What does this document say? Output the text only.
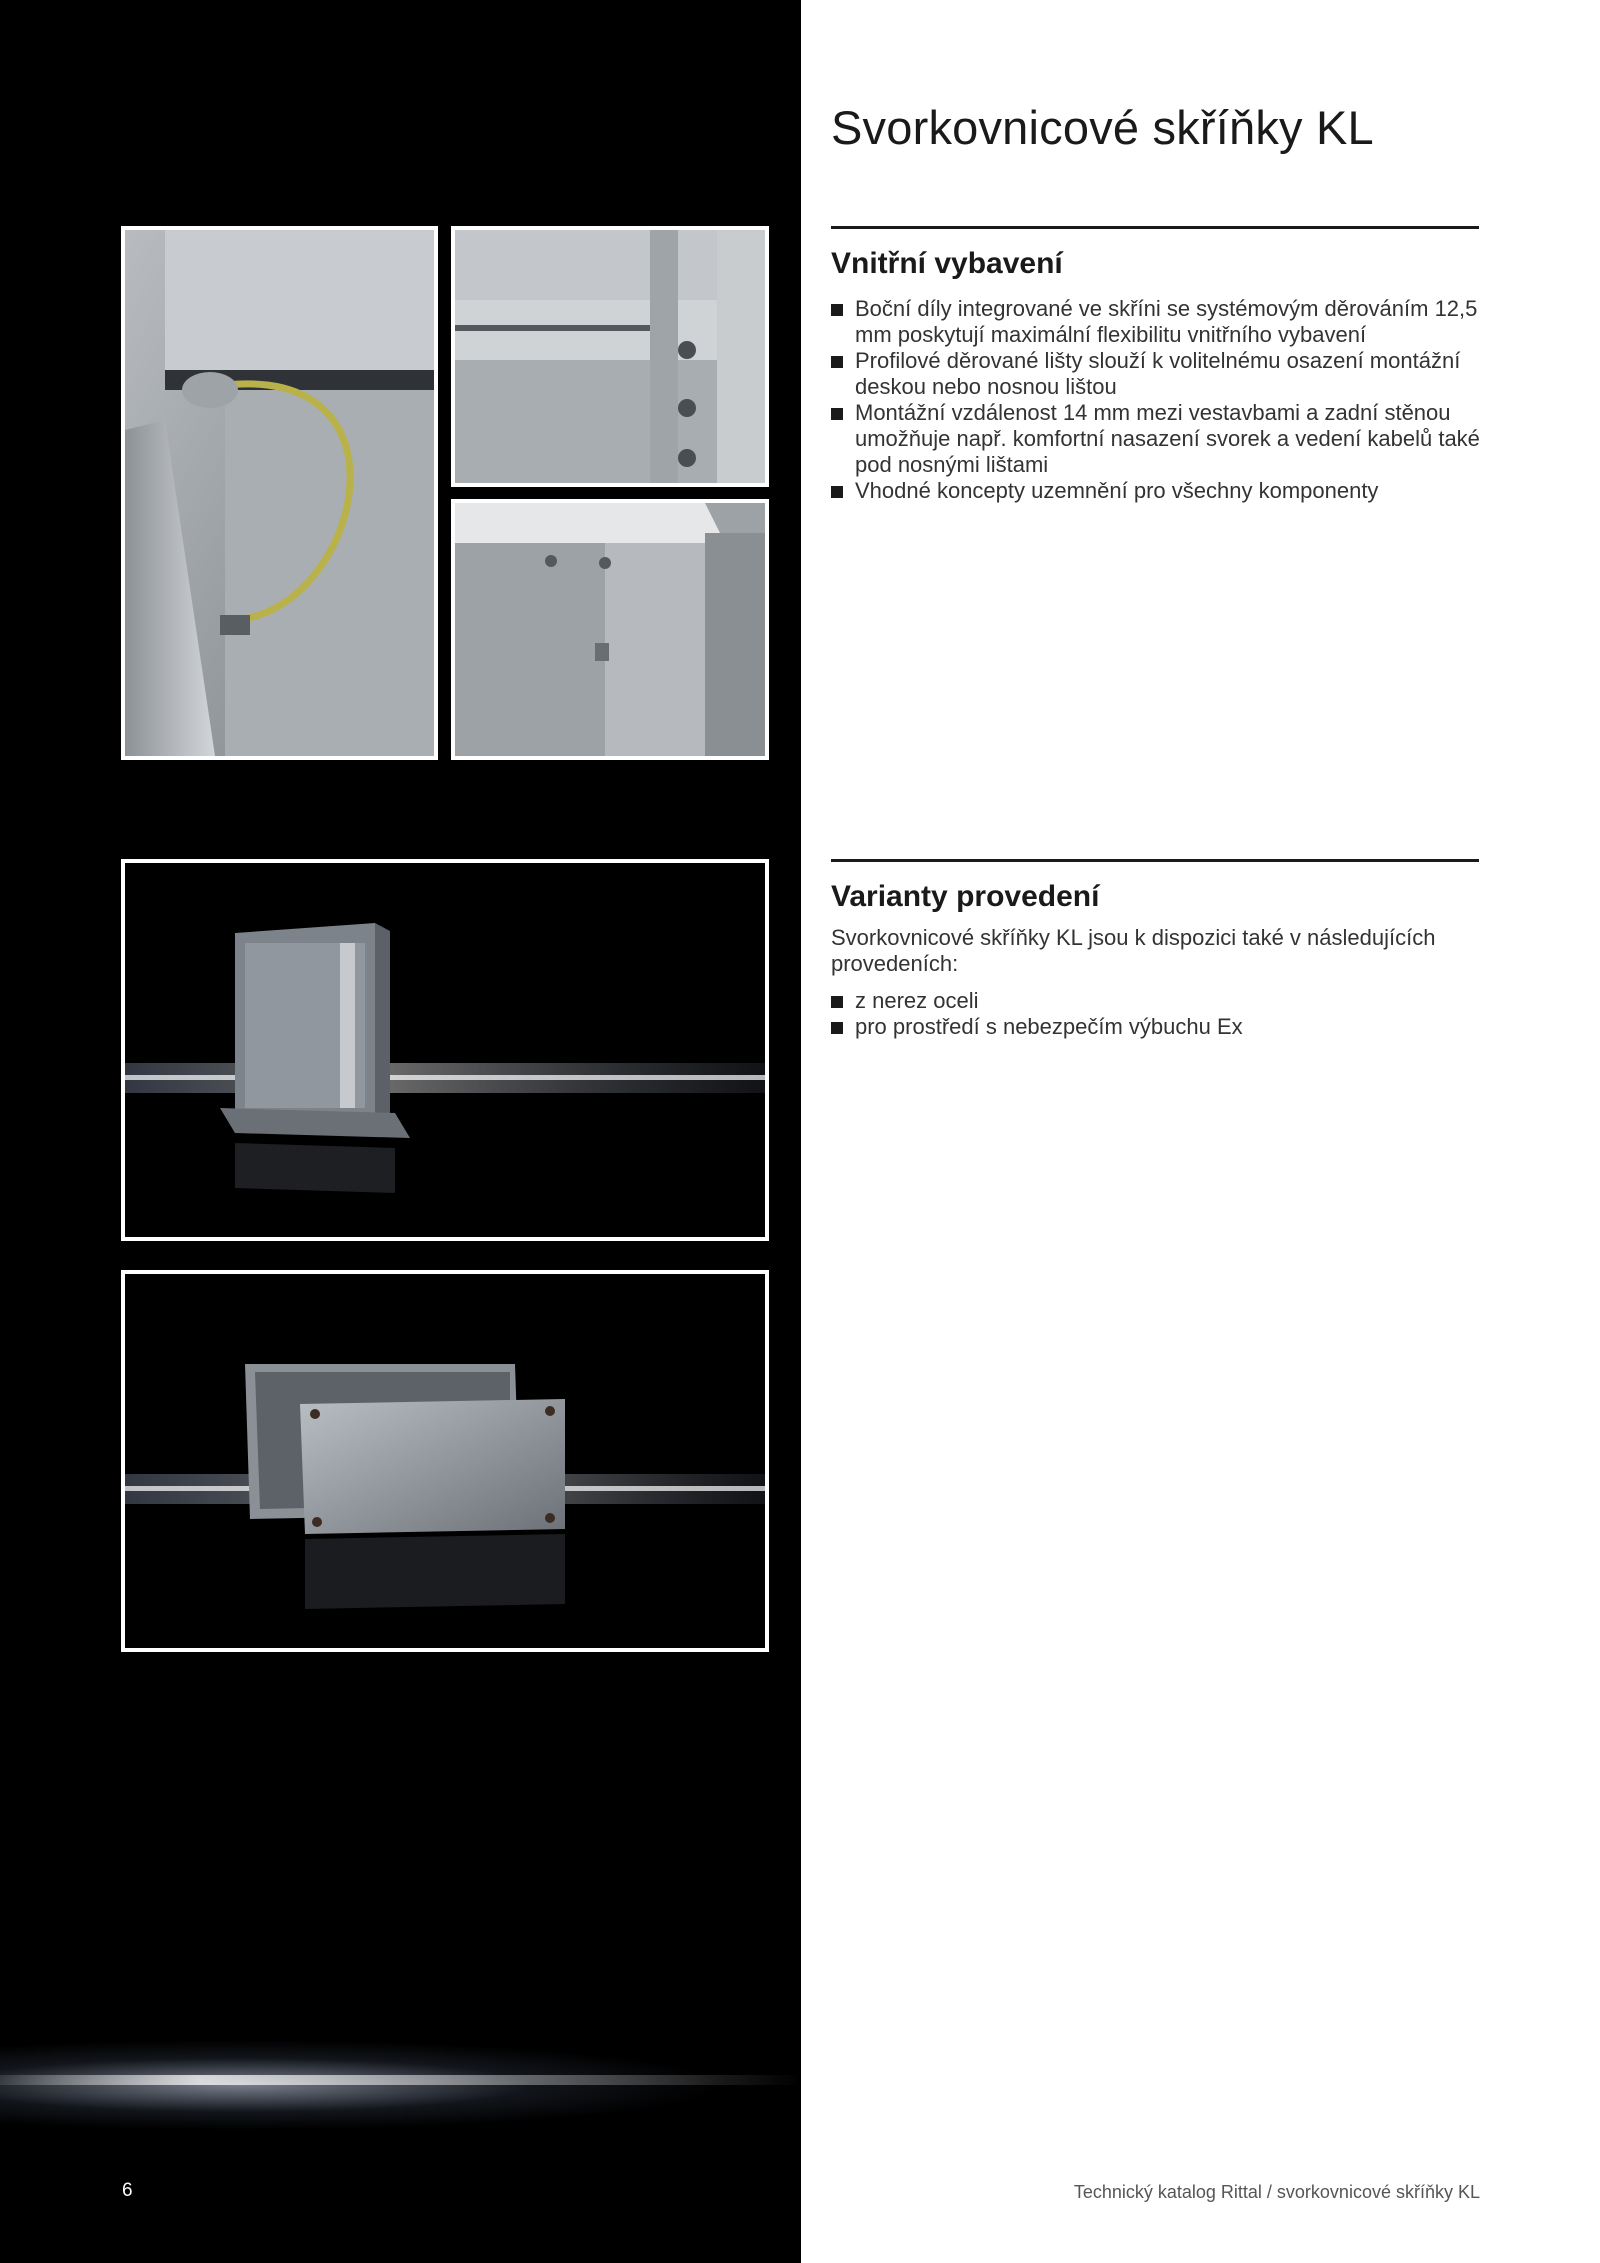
6
Svorkovnicové skříňky KL
Vnitřní vybavení
Boční díly integrované ve skříni se systémovým děrováním 12,5 mm poskytují maximální flexibilitu vnitřního vybavení
Profilové děrované lišty slouží k volitelnému osazení montážní deskou nebo nosnou lištou
Montážní vzdálenost 14 mm mezi vestavbami a zadní stěnou umožňuje např. komfortní nasazení svorek a vedení kabelů také pod nosnými lištami
Vhodné koncepty uzemnění pro všechny komponenty
Varianty provedení

Svorkovnicové skříňky KL jsou k dispozici také v následujících provedeních:

z nerez oceli
pro prostředí s nebezpečím výbuchu Ex
Technický katalog Rittal / svorkovnicové skříňky KL
